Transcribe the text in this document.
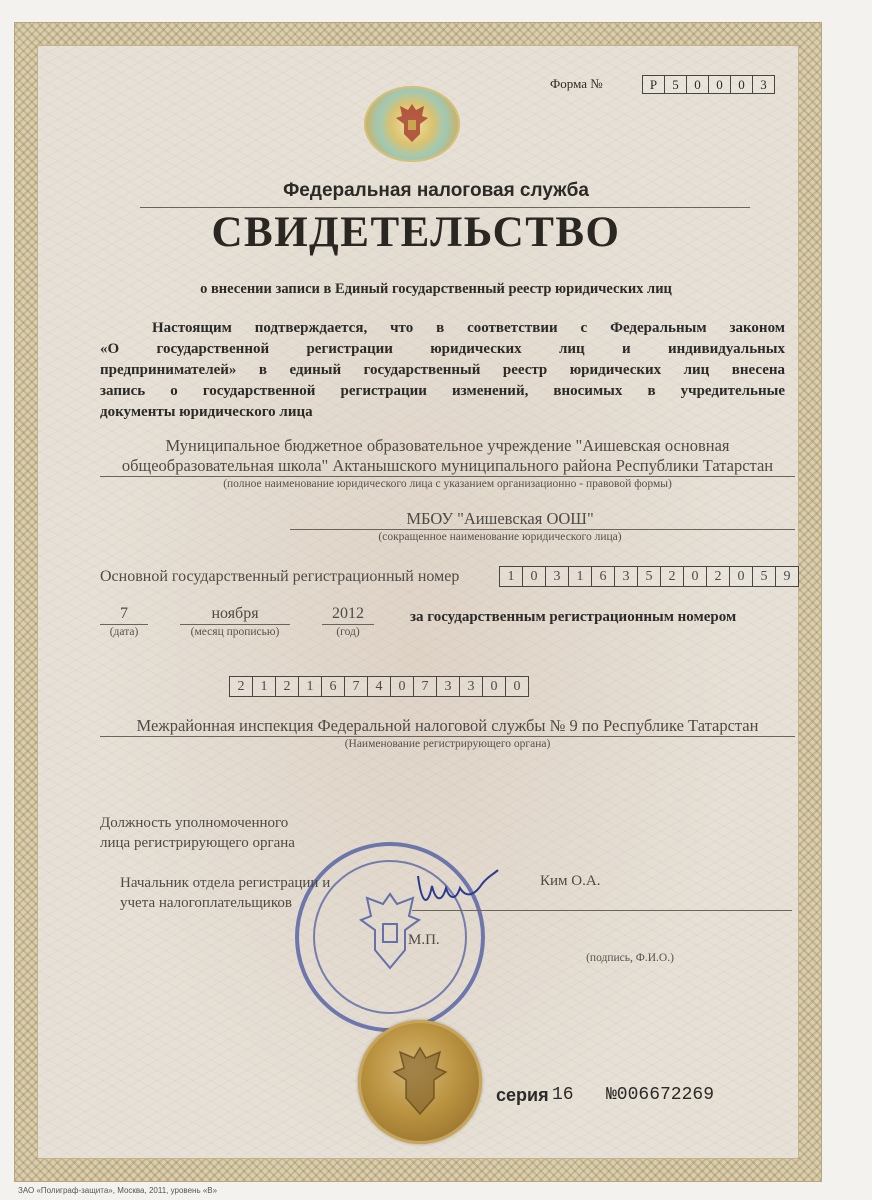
Форма №	Р	5	0	0	0	3
Федеральная налоговая служба
СВИДЕТЕЛЬСТВО
о внесении записи в Единый государственный реестр юридических лиц
Настоящим подтверждается, что в соответствии с Федеральным законом
«О государственной регистрации юридических лиц и индивидуальных
предпринимателей» в единый государственный реестр юридических лиц внесена
запись о государственной регистрации изменений, вносимых в учредительные
документы юридического лица
Муниципальное бюджетное образовательное учреждение "Аишевская основная
общеобразовательная школа" Актанышского муниципального района Республики Татарстан
(полное наименование юридического лица с указанием организационно - правовой формы)
МБОУ "Аишевская ООШ"
(сокращенное наименование юридического лица)
Основной государственный регистрационный номер	1	0	3	1	6	3	5	2	0	2	0	5	9
7	ноября	2012
(дата)	(месяц прописью)	(год)
за государственным регистрационным номером
2	1	2	1	6	7	4	0	7	3	3	0	0
Межрайонная инспекция Федеральной налоговой службы № 9 по Республике Татарстан
(Наименование регистрирующего органа)
Должность уполномоченного
лица регистрирующего органа
Начальник отдела регистрации и
учета налогоплательщиков
Ким О.А.
М.П.
(подпись, Ф.И.О.)
серия 16 №006672269
ЗАО «Полиграф-защита», Москва, 2011, уровень «В»
